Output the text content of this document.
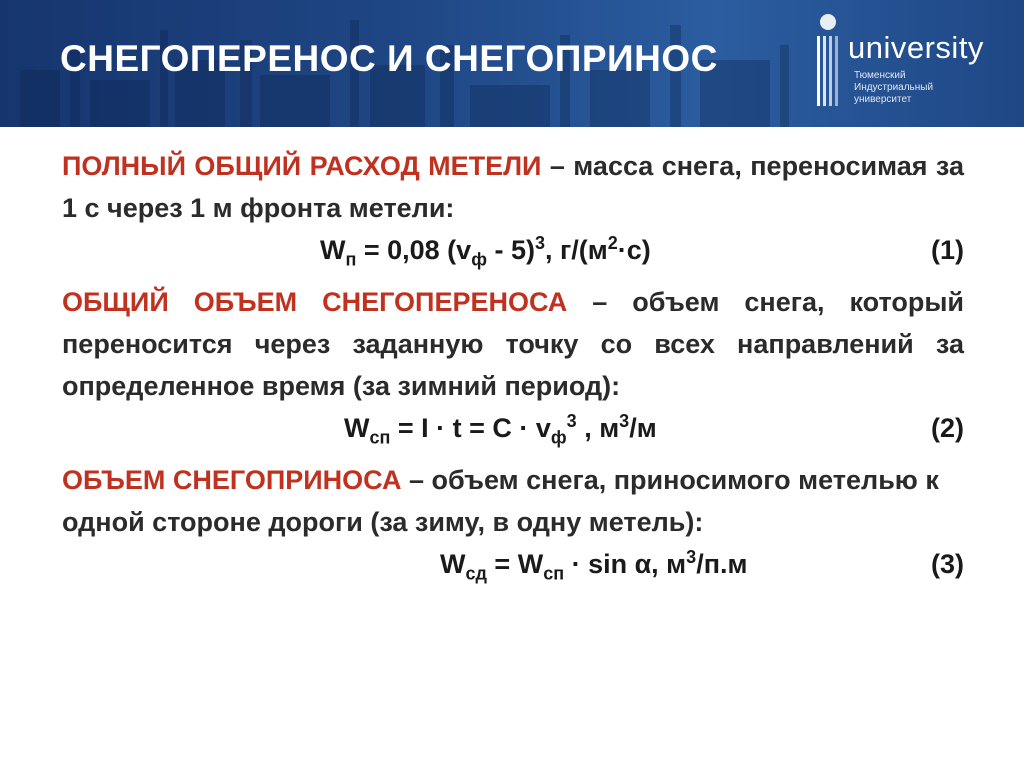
СНЕГОПЕРЕНОС И СНЕГОПРИНОС	university
Тюменский
Индустриальный
университет

ПОЛНЫЙ ОБЩИЙ РАСХОД МЕТЕЛИ – масса снега, переносимая за 1 с через 1 м фронта метели:

$W_п = 0,08$ $(v_ф - 5)^3$, $г/(м^2\cdot с)$	(1)

ОБЩИЙ ОБЪЕМ СНЕГОПЕРЕНОСА – объем снега, который переносится через заданную точку со всех направлений за определенное время (за зимний период):

$W_{сп} = I \cdot t = C \cdot v_ф^3$ , $м^3/м$	(2)

ОБЪЕМ СНЕГОПРИНОСА – объем снега, приносимого метелью к одной стороне дороги (за зиму, в одну метель):

$W_{сд} = W_{сп} \cdot \sin \alpha$, $м^3/п.м$	(3)
